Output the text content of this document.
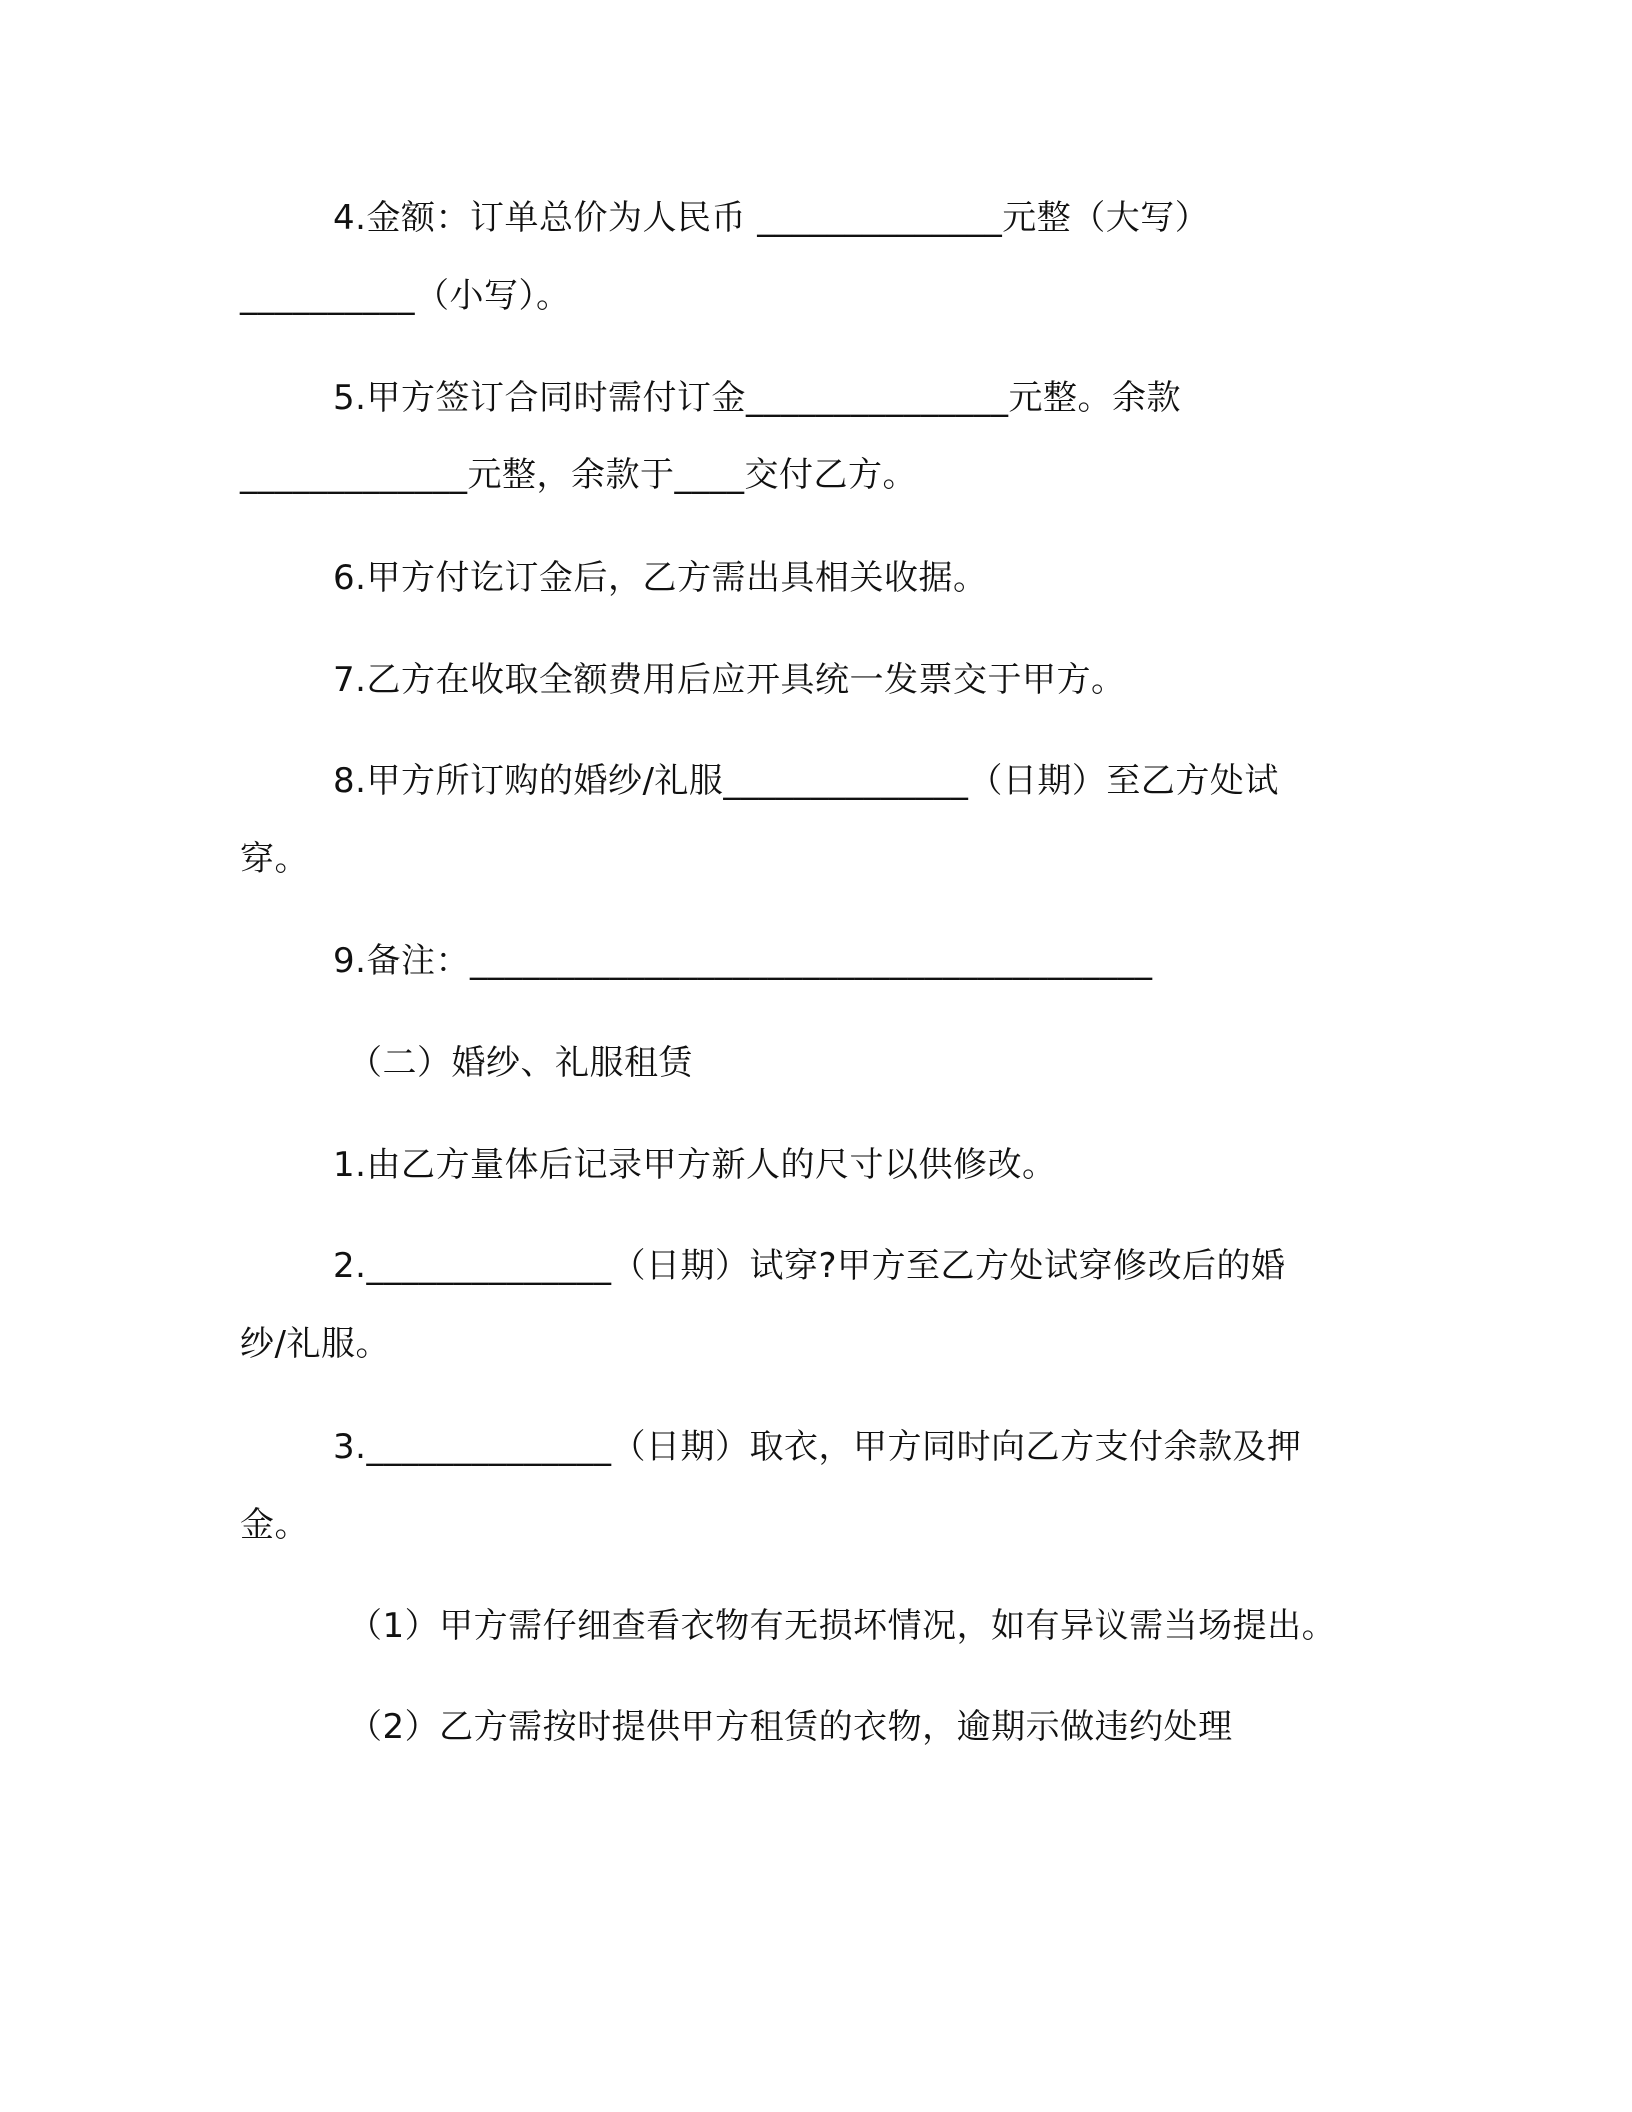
4.金额：订单总价为人民币 ______________元整（大写）
__________（小写）。
5.甲方签订合同时需付订金_______________元整。余款
_____________元整，余款于____交付乙方。
6.甲方付讫订金后，乙方需出具相关收据。
7.乙方在收取全额费用后应开具统一发票交于甲方。
8.甲方所订购的婚纱/礼服______________（日期）至乙方处试
穿。
9.备注：_______________________________________
（二）婚纱、礼服租赁
1.由乙方量体后记录甲方新人的尺寸以供修改。
2.______________（日期）试穿?甲方至乙方处试穿修改后的婚
纱/礼服。
3.______________（日期）取衣，甲方同时向乙方支付余款及押
金。
（1）甲方需仔细查看衣物有无损坏情况，如有异议需当场提出。
（2）乙方需按时提供甲方租赁的衣物，逾期示做违约处理
